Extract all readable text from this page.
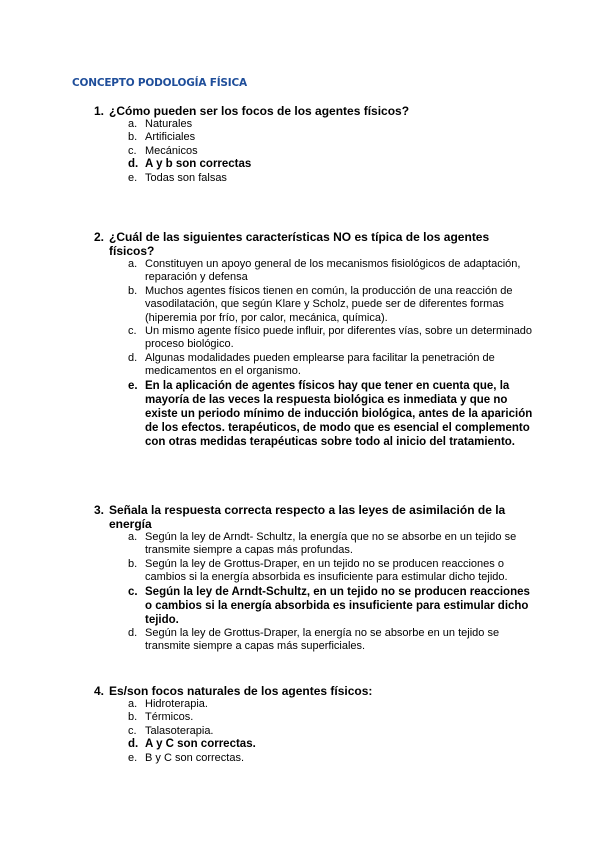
CONCEPTO PODOLOGÍA FÍSICA
1. ¿Cómo pueden ser los focos de los agentes físicos?
a. Naturales
b. Artificiales
c. Mecánicos
d. A y b son correctas
e. Todas son falsas
2. ¿Cuál de las siguientes características NO es típica de los agentes físicos?
a. Constituyen un apoyo general de los mecanismos fisiológicos de adaptación, reparación y defensa
b. Muchos agentes físicos tienen en común, la producción de una reacción de vasodilatación, que según Klare y Scholz, puede ser de diferentes formas (hiperemia por frío, por calor, mecánica, química).
c. Un mismo agente físico puede influir, por diferentes vías, sobre un determinado proceso biológico.
d. Algunas modalidades pueden emplearse para facilitar la penetración de medicamentos en el organismo.
e. En la aplicación de agentes físicos hay que tener en cuenta que, la mayoría de las veces la respuesta biológica es inmediata y que no existe un periodo mínimo de inducción biológica, antes de la aparición de los efectos. terapéuticos, de modo que es esencial el complemento con otras medidas terapéuticas sobre todo al inicio del tratamiento.
3. Señala la respuesta correcta respecto a las leyes de asimilación de la energía
a. Según la ley de Arndt- Schultz, la energía que no se absorbe en un tejido se transmite siempre a capas más profundas.
b. Según la ley de Grottus-Draper, en un tejido no se producen reacciones o cambios si la energía absorbida es insuficiente para estimular dicho tejido.
c. Según la ley de Arndt-Schultz, en un tejido no se producen reacciones o cambios si la energía absorbida es insuficiente para estimular dicho tejido.
d. Según la ley de Grottus-Draper, la energía no se absorbe en un tejido se transmite siempre a capas más superficiales.
4. Es/son focos naturales de los agentes físicos:
a. Hidroterapia.
b. Térmicos.
c. Talasoterapia.
d. A y C son correctas.
e. B y C son correctas.
